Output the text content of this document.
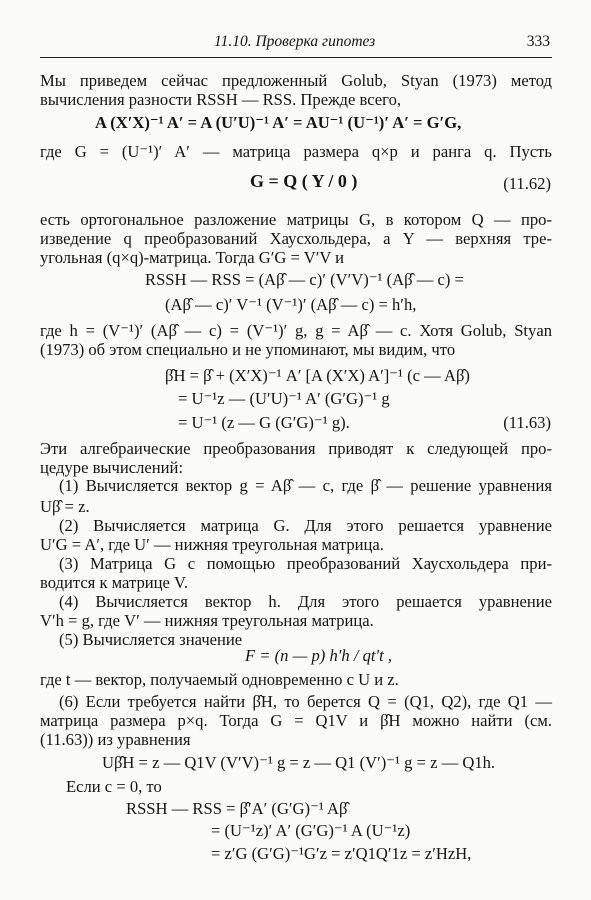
11.10. Проверка гипотез	333
Мы приведем сейчас предложенный Golub, Styan (1973) метод
вычисления разности RSSH — RSS. Прежде всего,
A (X′X)⁻¹ A′ = A (U′U)⁻¹ A′ = AU⁻¹ (U⁻¹)′ A′ = G′G,
где G = (U⁻¹)′ A′ — матрица размера q×p и ранга q. Пусть
G = Q ( Y / 0 )	(11.62)
есть ортогональное разложение матрицы G, в котором Q — про-
изведение q преобразований Хаусхольдера, а Y — верхняя тре-
угольная (q×q)-матрица. Тогда G′G = V′V и
RSSH — RSS = (Aβ̂ — c)′ (V′V)⁻¹ (Aβ̂ — c) =
(Aβ̂ — c)′ V⁻¹ (V⁻¹)′ (Aβ̂ — c) = h′h,
где h = (V⁻¹)′ (Aβ̂ — c) = (V⁻¹)′ g, g = Aβ̂ — c. Хотя Golub, Styan
(1973) об этом специально и не упоминают, мы видим, что
β̂H = β̂ + (X′X)⁻¹ A′ [A (X′X) A′]⁻¹ (c — Aβ̂)
= U⁻¹z — (U′U)⁻¹ A′ (G′G)⁻¹ g
= U⁻¹ (z — G (G′G)⁻¹ g).	(11.63)
Эти алгебраические преобразования приводят к следующей про-
цедуре вычислений:
(1) Вычисляется вектор g = Aβ̂ — c, где β̂ — решение уравнения
Uβ̂ = z.
(2) Вычисляется матрица G. Для этого решается уравнение
U′G = A′, где U′ — нижняя треугольная матрица.
(3) Матрица G с помощью преобразований Хаусхольдера при-
водится к матрице V.
(4) Вычисляется вектор h. Для этого решается уравнение
V′h = g, где V′ — нижняя треугольная матрица.
(5) Вычисляется значение
F = (n — p) h′h / qt′t ,
где t — вектор, получаемый одновременно с U и z.
(6) Если требуется найти β̂H, то берется Q = (Q1, Q2), где Q1 —
матрица размера p×q. Тогда G = Q1V и β̂H можно найти (см.
(11.63)) из уравнения
Uβ̂H = z — Q1V (V′V)⁻¹ g = z — Q1 (V′)⁻¹ g = z — Q1h.
Если c = 0, то
RSSH — RSS = β̂′A′ (G′G)⁻¹ Aβ̂
= (U⁻¹z)′ A′ (G′G)⁻¹ A (U⁻¹z)
= z′G (G′G)⁻¹G′z = z′Q1Q′1z = z′HzH,
